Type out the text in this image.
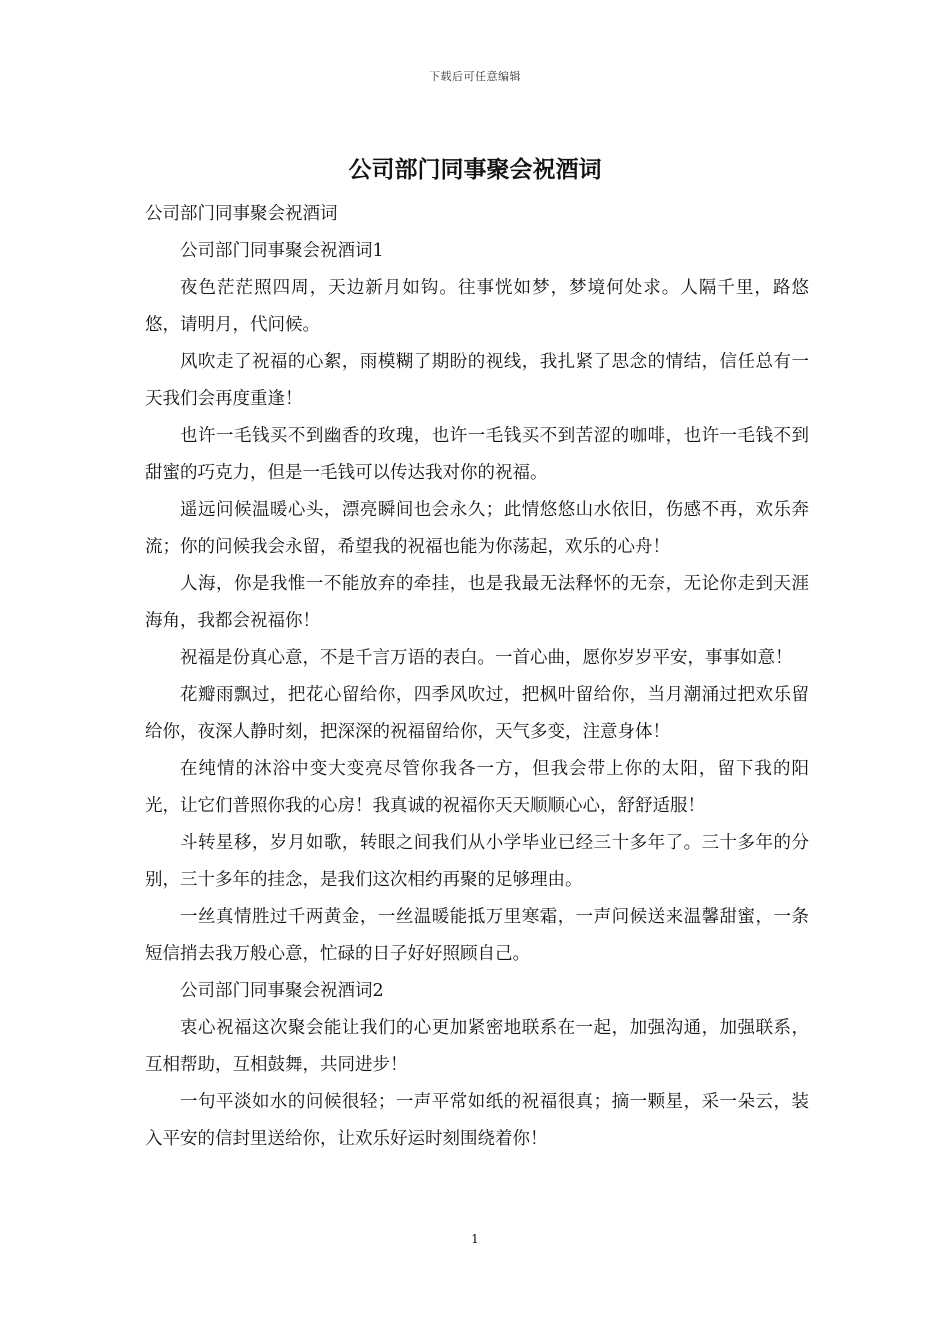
下载后可任意编辑
公司部门同事聚会祝酒词

公司部门同事聚会祝酒词

公司部门同事聚会祝酒词1

夜色茫茫照四周，天边新月如钩。往事恍如梦，梦境何处求。人隔千里，路悠悠，请明月，代问候。

风吹走了祝福的心絮，雨模糊了期盼的视线，我扎紧了思念的情结，信任总有一天我们会再度重逢！

也许一毛钱买不到幽香的玫瑰，也许一毛钱买不到苦涩的咖啡，也许一毛钱不到甜蜜的巧克力，但是一毛钱可以传达我对你的祝福。

遥远问候温暖心头，漂亮瞬间也会永久；此情悠悠山水依旧，伤感不再，欢乐奔流；你的问候我会永留，希望我的祝福也能为你荡起，欢乐的心舟！

人海，你是我惟一不能放弃的牵挂，也是我最无法释怀的无奈，无论你走到天涯海角，我都会祝福你！

祝福是份真心意，不是千言万语的表白。一首心曲，愿你岁岁平安，事事如意！

花瓣雨飘过，把花心留给你，四季风吹过，把枫叶留给你，当月潮涌过把欢乐留给你，夜深人静时刻，把深深的祝福留给你，天气多变，注意身体！

在纯情的沐浴中变大变亮尽管你我各一方，但我会带上你的太阳，留下我的阳光，让它们普照你我的心房！我真诚的祝福你天天顺顺心心，舒舒适服！

斗转星移，岁月如歌，转眼之间我们从小学毕业已经三十多年了。三十多年的分别，三十多年的挂念，是我们这次相约再聚的足够理由。

一丝真情胜过千两黄金，一丝温暖能抵万里寒霜，一声问候送来温馨甜蜜，一条短信捎去我万般心意，忙碌的日子好好照顾自己。

公司部门同事聚会祝酒词2

衷心祝福这次聚会能让我们的心更加紧密地联系在一起，加强沟通，加强联系，互相帮助，互相鼓舞，共同进步！

一句平淡如水的问候很轻；一声平常如纸的祝福很真；摘一颗星，采一朵云，装入平安的信封里送给你，让欢乐好运时刻围绕着你！

1
